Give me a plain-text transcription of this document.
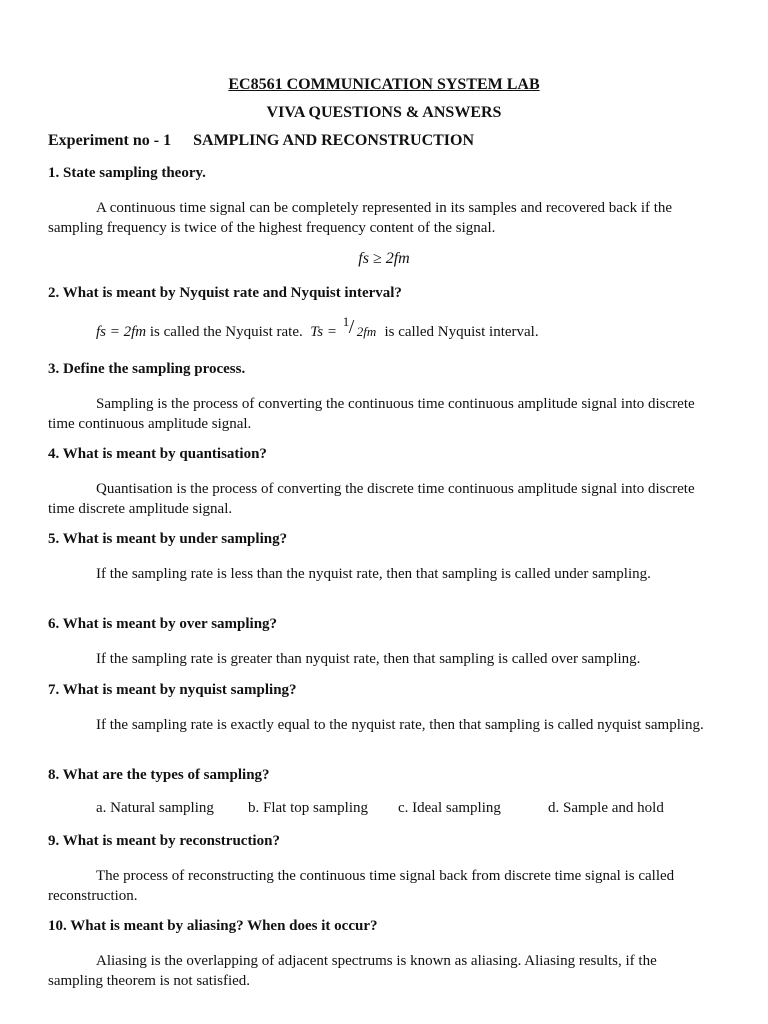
EC8561 COMMUNICATION SYSTEM LAB

VIVA QUESTIONS & ANSWERS

Experiment no - 1 SAMPLING AND RECONSTRUCTION

1. State sampling theory.

A continuous time signal can be completely represented in its samples and recovered back if the sampling frequency is twice of the highest frequency content of the signal.

fs ≥ 2fm

2. What is meant by Nyquist rate and Nyquist interval?

fs = 2fm is called the Nyquist rate. Ts =
1 / 2fm is called Nyquist interval.

3. Define the sampling process.

Sampling is the process of converting the continuous time continuous amplitude signal into discrete time continuous amplitude signal.

4. What is meant by quantisation?

Quantisation is the process of converting the discrete time continuous amplitude signal into discrete time discrete amplitude signal.

5. What is meant by under sampling?

If the sampling rate is less than the nyquist rate, then that sampling is called under sampling.

6. What is meant by over sampling?

If the sampling rate is greater than nyquist rate, then that sampling is called over sampling.

7. What is meant by nyquist sampling?

If the sampling rate is exactly equal to the nyquist rate, then that sampling is called nyquist sampling.

8. What are the types of sampling?

a. Natural sampling b. Flat top sampling c. Ideal sampling	d. Sample and hold

9. What is meant by reconstruction?

The process of reconstructing the continuous time signal back from discrete time signal is called reconstruction.

10. What is meant by aliasing? When does it occur?

Aliasing is the overlapping of adjacent spectrums is known as aliasing. Aliasing results, if the sampling theorem is not satisfied.
